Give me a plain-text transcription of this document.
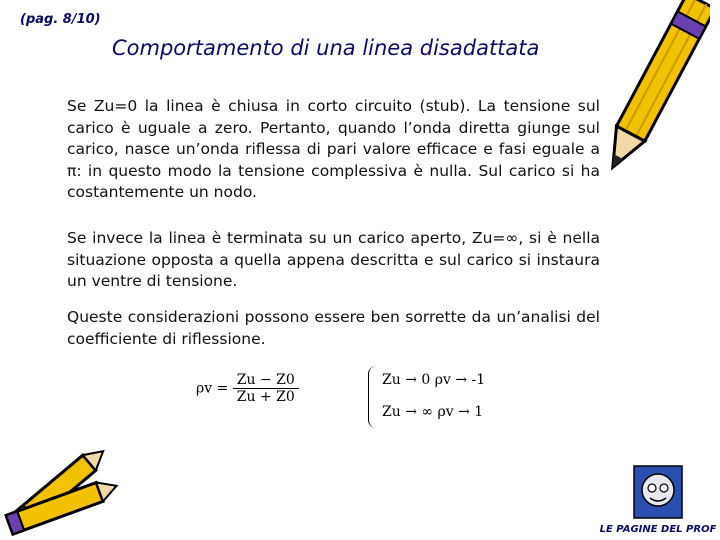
(pag. 8/10)
Comportamento di una linea disadattata
Se Zu=0 la linea è chiusa in corto circuito (stub). La tensione sul carico è uguale a zero. Pertanto, quando l’onda diretta giunge sul carico, nasce un’onda riflessa di pari valore efficace e fasi eguale a π: in questo modo la tensione complessiva è nulla. Sul carico si ha costantemente un nodo.
Se invece la linea è terminata su un carico aperto, Zu=∞, si è nella situazione opposta a quella appena descritta e sul carico si instaura un ventre di tensione.
Queste considerazioni possono essere ben sorrette da un’analisi del coefficiente di riflessione.
$\rho v = \frac{Zu - Z0}{Zu + Z0}$	Zu → 0 ρv → -1
Zu → ∞ ρv → 1
LE PAGINE DEL PROF
